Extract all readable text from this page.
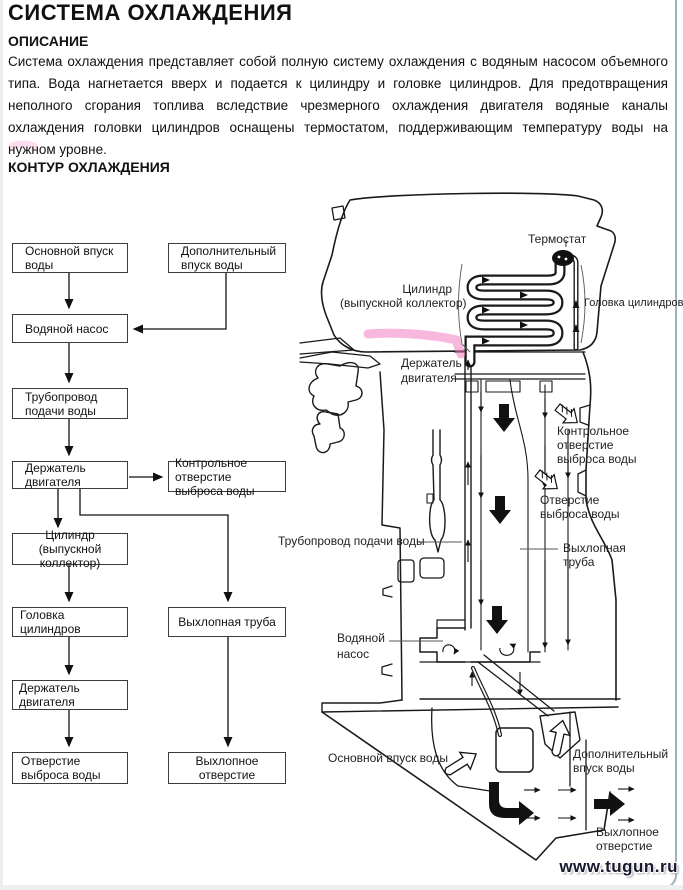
СИСТЕМА ОХЛАЖДЕНИЯ
ОПИСАНИЕ
Система охлаждения представляет собой полную систему охлаждения с водяным насосом объемного типа. Вода нагнетается вверх и подается к цилиндру и головке цилиндров. Для предотвращения неполного сгорания топлива вследствие чрезмерного охлаждения двигателя водяные каналы охлаждения головки цилиндров оснащены термостатом, поддерживающим температуру воды на нужном уровне.
КОНТУР ОХЛАЖДЕНИЯ
Основной впуск воды
Дополнительный впуск воды
Водяной насос
Трубопровод подачи воды
Держатель двигателя
Контрольное отверстие выброса воды
Цилиндр (выпускной коллектор)
Головка цилиндров	Выхлопная труба
Держатель двигателя
Отверстие выброса воды
Выхлопное отверстие
Термостат
Цилиндр
(выпускной коллектор)	Головка цилиндров
Держатель
двигателя
Контрольное
отверстие
выброса воды
Отверстие
выброса воды
Трубопровод подачи воды	Выхлопная
труба
Водяной
насос
Основной впуск воды	Дополнительный
впуск воды
Выхлопное
отверстие
www.tugun.ru
